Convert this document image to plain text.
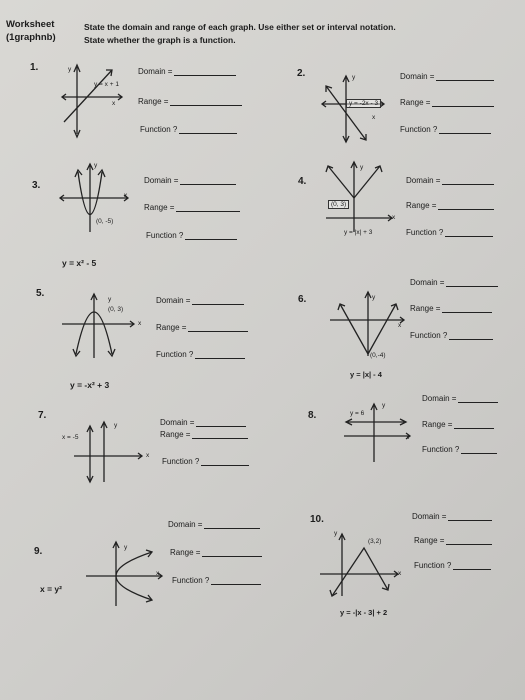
Worksheet
(1graphnb)
State the domain and range of each graph. Use either set or interval notation.
State whether the graph is a function.
1.
y = x + 1
x
y	Domain =
Range =
Function ?
2.
y = -2x - 3
y
x
Domain =
Range =
Function ?
3.
y
x
(0, -5)
y = x² - 5
Domain =
Range =
Function ?
4.
y
(0, 3)
x
y = |x| + 3
Domain =
Range =
Function ?
5.
y
(0, 3)
x
y = -x² + 3
Domain =
Range =
Function ?
6.	y
x
(0,-4)
y = |x| - 4
Domain =
Range =
Function ?
7.
x = -5
y
x
Domain =
Range =
Function ?
8.	y = 6
y
x
Domain =
Range =
Function ?
9.	y
x
x = y²
Domain =
Range =
Function ?
10.
y
(3,2)
x
y = -|x - 3| + 2
Domain =
Range =
Function ?
